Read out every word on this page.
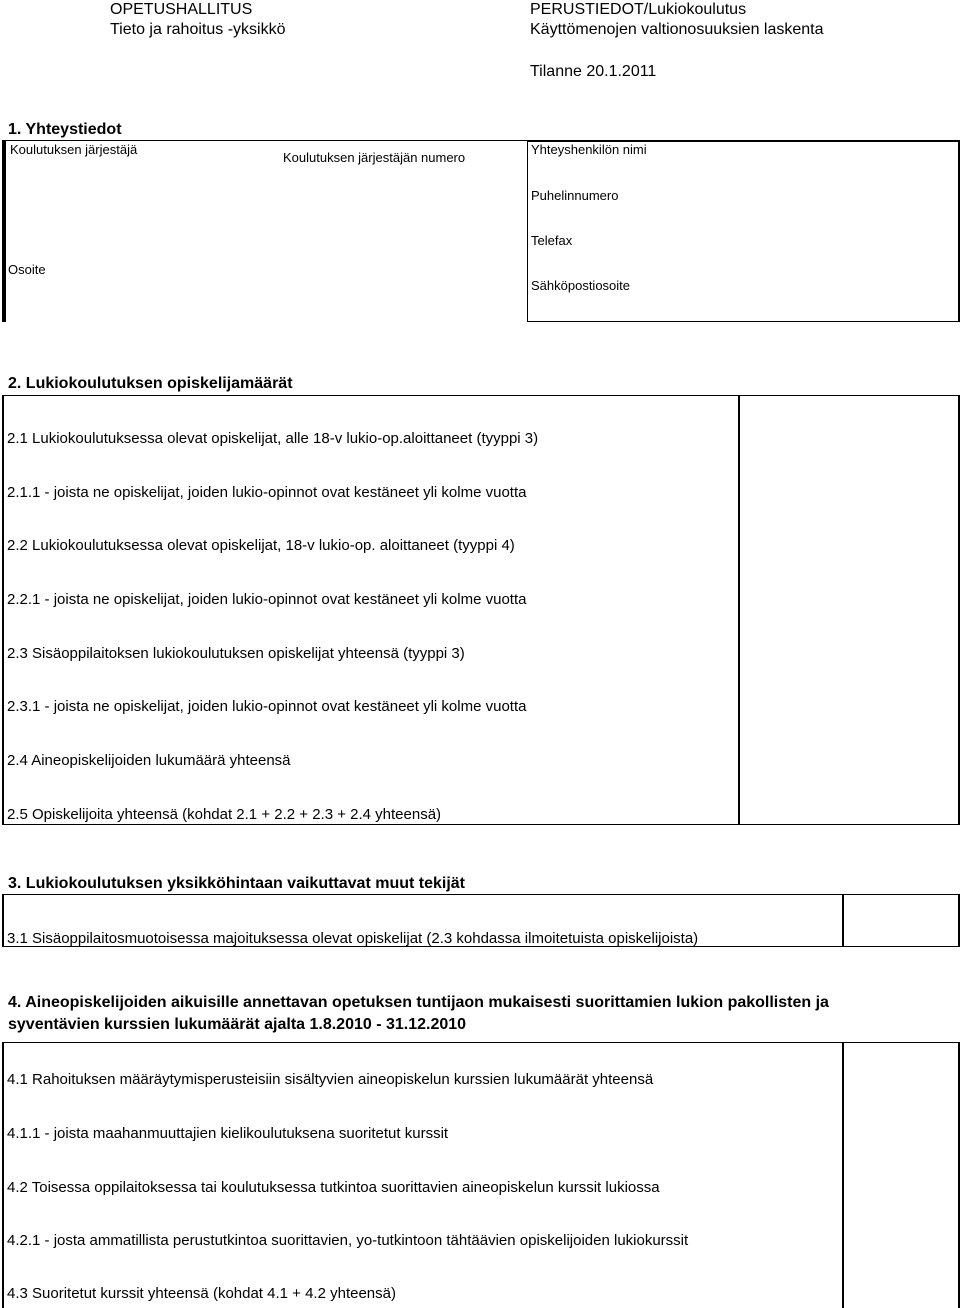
OPETUSHALLITUS
Tieto ja rahoitus -yksikkö
PERUSTIEDOT/Lukiokoulutus
Käyttömenojen valtionosuuksien laskenta
Tilanne 20.1.2011
1. Yhteystiedot
Koulutuksen järjestäjä
Koulutuksen järjestäjän numero
Osoite
Yhteyshenkilön nimi
Puhelinnumero
Telefax
Sähköpostiosoite
2. Lukiokoulutuksen opiskelijamäärät
2.1 Lukiokoulutuksessa olevat opiskelijat, alle 18-v lukio-op.aloittaneet (tyyppi 3)
2.1.1 - joista ne opiskelijat, joiden lukio-opinnot ovat kestäneet yli kolme vuotta
2.2 Lukiokoulutuksessa olevat opiskelijat, 18-v lukio-op. aloittaneet (tyyppi 4)
2.2.1 - joista ne opiskelijat, joiden lukio-opinnot ovat kestäneet yli kolme vuotta
2.3 Sisäoppilaitoksen lukiokoulutuksen opiskelijat yhteensä (tyyppi 3)
2.3.1 - joista ne opiskelijat, joiden lukio-opinnot ovat kestäneet yli kolme vuotta
2.4 Aineopiskelijoiden lukumäärä yhteensä
2.5 Opiskelijoita yhteensä (kohdat 2.1 + 2.2 + 2.3 + 2.4 yhteensä)
3. Lukiokoulutuksen yksikköhintaan vaikuttavat muut tekijät
3.1 Sisäoppilaitosmuotoisessa majoituksessa olevat opiskelijat (2.3 kohdassa ilmoitetuista opiskelijoista)
4. Aineopiskelijoiden aikuisille annettavan opetuksen tuntijaon mukaisesti suorittamien lukion pakollisten ja
syventävien kurssien lukumäärät ajalta 1.8.2010 - 31.12.2010
4.1 Rahoituksen määräytymisperusteisiin sisältyvien aineopiskelun kurssien lukumäärät yhteensä
4.1.1 - joista maahanmuuttajien kielikoulutuksena suoritetut kurssit
4.2 Toisessa oppilaitoksessa tai koulutuksessa tutkintoa suorittavien aineopiskelun kurssit lukiossa
4.2.1 - josta ammatillista perustutkintoa suorittavien, yo-tutkintoon tähtäävien opiskelijoiden lukiokurssit
4.3 Suoritetut kurssit yhteensä (kohdat 4.1 + 4.2 yhteensä)
